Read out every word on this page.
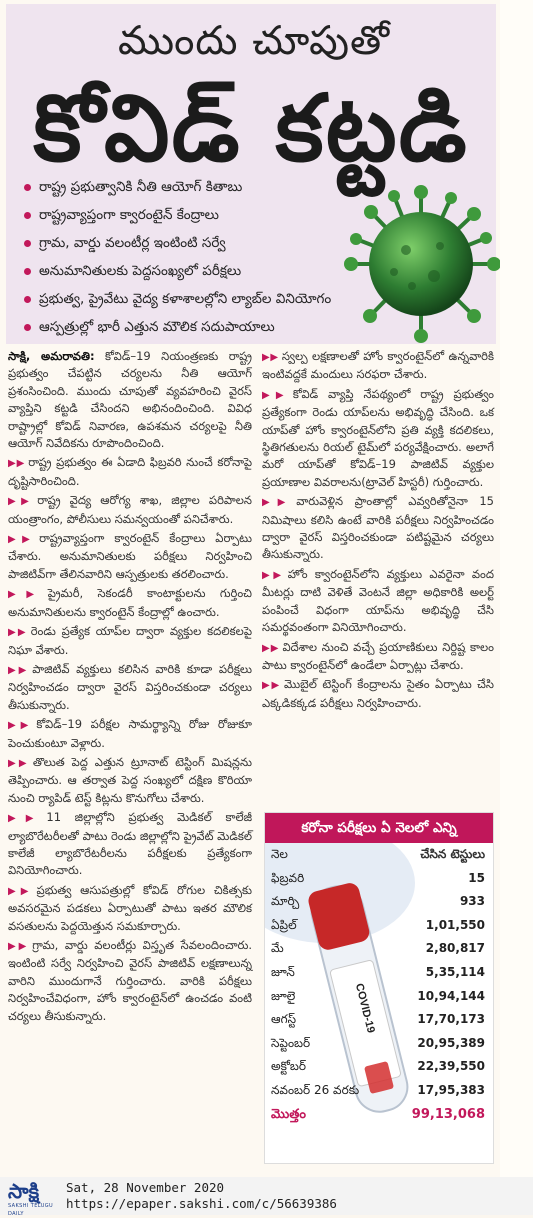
ముందు చూపుతో
కోవిడ్ కట్టడి
రాష్ట్ర ప్రభుత్వానికి నీతి ఆయోగ్ కితాబు
రాష్ట్రవ్యాప్తంగా క్వారంటైన్ కేంద్రాలు
గ్రామ, వార్డు వలంటీర్ల ఇంటింటి సర్వే
అనుమానితులకు పెద్దసంఖ్యలో పరీక్షలు
ప్రభుత్వ, ప్రైవేటు వైద్య కళాశాలల్లోని ల్యాబ్‌ల వినియోగం
ఆస్పత్రుల్లో భారీ ఎత్తున మౌలిక సదుపాయాలు

సాక్షి, అమరావతి: కోవిడ్‌–19 నియంత్రణకు రాష్ట్ర ప్రభుత్వం చేపట్టిన చర్యలను నీతి ఆయోగ్‌ ప్రశంసించింది. ముందు చూపుతో వ్యవహరించి వైరస్‌ వ్యాప్తిని కట్టడి చేసిందని అభినందించింది. వివిధ రాష్ట్రాల్లో కోవిడ్‌ నివారణ, ఉపశమన చర్యలపై నీతి ఆయోగ్‌ నివేదికను రూపొందించింది.

▶▶ రాష్ట్ర ప్రభుత్వం ఈ ఏడాది ఫిబ్రవరి నుంచే కరోనాపై దృష్టిసారించింది.

▶▶ రాష్ట్ర వైద్య ఆరోగ్య శాఖ, జిల్లాల పరిపాలన యంత్రాంగం, పోలీసులు సమన్వయంతో పనిచేశారు.

▶▶ రాష్ట్రవ్యాప్తంగా క్వారంటైన్‌ కేంద్రాలు ఏర్పాటు చేశారు. అనుమానితులకు పరీక్షలు నిర్వహించి పాజిటివ్‌గా తేలినవారిని ఆస్పత్రులకు తరలించారు.

▶▶ ప్రైమరీ, సెకండరీ కాంటాక్టులను గుర్తించి అనుమానితులను క్వారంటైన్‌ కేంద్రాల్లో ఉంచారు.

▶▶ రెండు ప్రత్యేక యాప్‌ల ద్వారా వ్యక్తుల కదలికలపై నిఘా వేశారు.

▶▶ పాజిటివ్‌ వ్యక్తులు కలిసిన వారికి కూడా పరీక్షలు నిర్వహించడం ద్వారా వైరస్‌ విస్తరించకుండా చర్యలు తీసుకున్నారు.

▶▶ కోవిడ్‌–19 పరీక్షల సామర్థ్యాన్ని రోజు రోజుకూ పెంచుకుంటూ వెళ్లారు.

▶▶ తొలుత పెద్ద ఎత్తున ట్రూనాట్‌ టెస్టింగ్‌ మిషన్లను తెప్పించారు. ఆ తర్వాత పెద్ద సంఖ్యలో దక్షిణ కొరియా నుంచి ర్యాపిడ్‌ టెస్ట్‌ కిట్లను కొనుగోలు చేశారు.

▶▶ 11 జిల్లాల్లోని ప్రభుత్వ మెడికల్‌ కాలేజీ ల్యాబొరేటరీలతో పాటు రెండు జిల్లాల్లోని ప్రైవేట్‌ మెడికల్‌ కాలేజీ ల్యాబొరేటరీలను పరీక్షలకు ప్రత్యేకంగా వినియోగించారు.

▶▶ ప్రభుత్వ ఆసుపత్రుల్లో కోవిడ్‌ రోగుల చికిత్సకు అవసరమైన పడకలు ఏర్పాటుతో పాటు ఇతర మౌలిక వసతులను పెద్దయెత్తున సమకూర్చారు.

▶▶ గ్రామ, వార్డు వలంటీర్లు విస్తృత సేవలందించారు. ఇంటింటి సర్వే నిర్వహించి వైరస్‌ పాజిటివ్‌ లక్షణాలున్న వారిని ముందుగానే గుర్తించారు. వారికి పరీక్షలు నిర్వహించేవిధంగా, హోం క్వారంటైన్‌లో ఉంచడం వంటి చర్యలు తీసుకున్నారు.

▶▶ స్వల్ప లక్షణాలతో హోం క్వారంటైన్‌లో ఉన్నవారికి ఇంటివద్దకే మందులు సరఫరా చేశారు.

▶▶ కోవిడ్‌ వ్యాప్తి నేపథ్యంలో రాష్ట్ర ప్రభుత్వం ప్రత్యేకంగా రెండు యాప్‌లను అభివృద్ధి చేసింది. ఒక యాప్‌తో హోం క్వారంటైన్‌లోని ప్రతి వ్యక్తి కదలికలు, స్థితిగతులను రియల్‌ టైమ్‌లో పర్యవేక్షించారు. అలాగే మరో యాప్‌తో కోవిడ్‌–19 పాజిటివ్‌ వ్యక్తుల ప్రయాణాల వివరాలను(ట్రావెల్‌ హిస్టరీ) గుర్తించారు.

▶▶ వారువెళ్లిన ప్రాంతాల్లో ఎవ్వరితోనైనా 15 నిమిషాలు కలిసి ఉంటే వారికి పరీక్షలు నిర్వహించడం ద్వారా వైరస్‌ విస్తరించకుండా పటిష్టమైన చర్యలు తీసుకున్నారు.

▶▶ హోం క్వారంటైన్‌లోని వ్యక్తులు ఎవరైనా వంద మీటర్లు దాటి వెళితే వెంటనే జిల్లా అధికారికి అలర్ట్‌ పంపించే విధంగా యాప్‌ను అభివృద్ధి చేసి సమర్థవంతంగా వినియోగించారు.

▶▶ విదేశాల నుంచి వచ్చే ప్రయాణికులు నిర్దిష్ట కాలం పాటు క్వారంటైన్‌లో ఉండేలా ఏర్పాట్లు చేశారు.

▶▶ మొబైల్‌ టెస్టింగ్‌ కేంద్రాలను సైతం ఏర్పాటు చేసి ఎక్కడికక్కడ పరీక్షలు నిర్వహించారు.

కరోనా పరీక్షలు ఏ నెలలో ఎన్ని
COVID-19
నెల	చేసిన టెస్టులు
ఫిబ్రవరి	15
మార్చి	933
ఏప్రిల్	1,01,550
మే	2,80,817
జూన్	5,35,114
జూలై	10,94,144
ఆగస్ట్	17,70,173
సెప్టెంబర్	20,95,389
అక్టోబర్	22,39,550
నవంబర్ 26 వరకు	17,95,383
మొత్తం	99,13,068
సాక్షి
SAKSHI TELUGU DAILY
Sat, 28 November 2020
https://epaper.sakshi.com/c/56639386
